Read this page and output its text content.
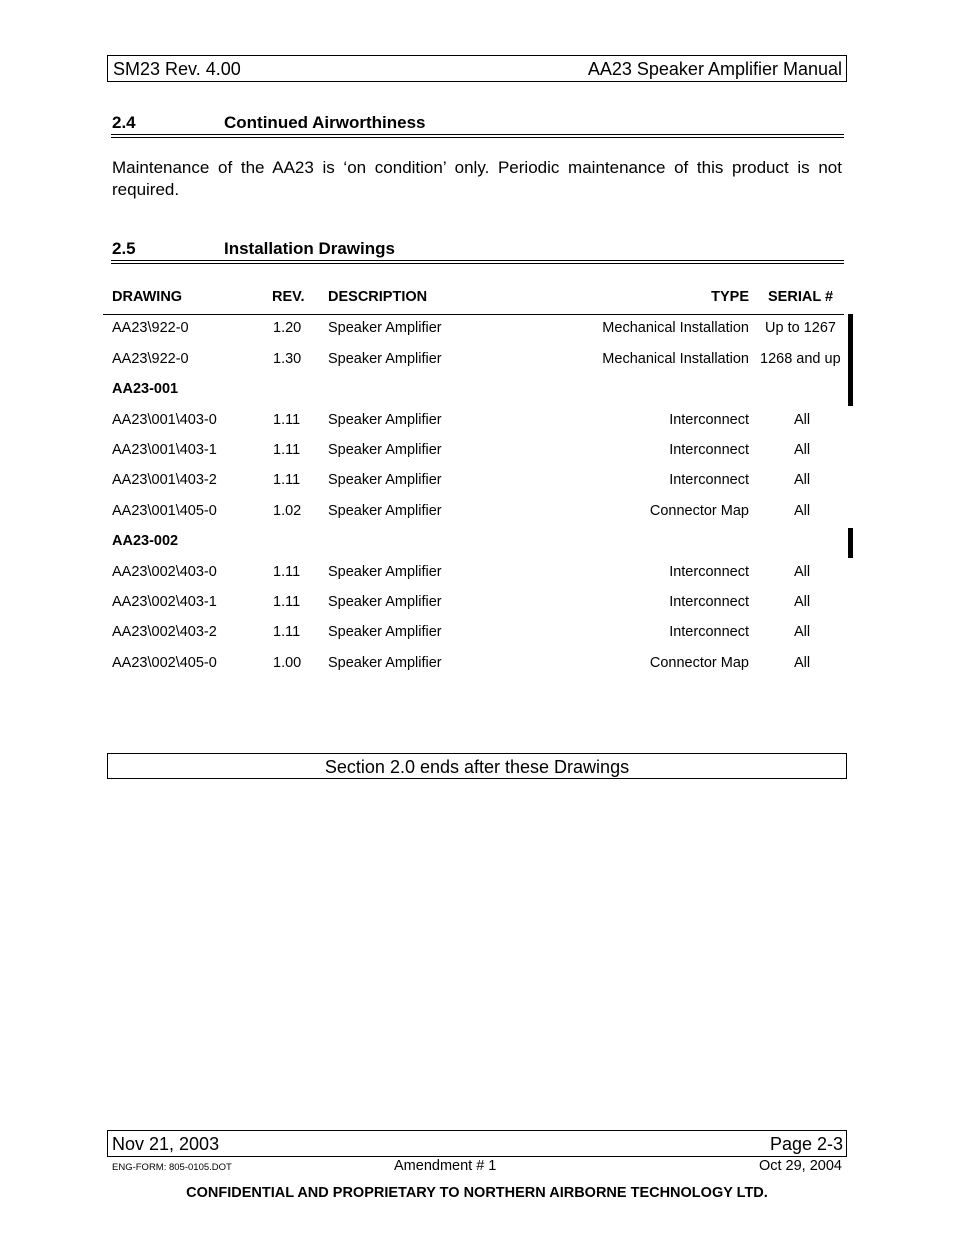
SM23 Rev. 4.00	AA23 Speaker Amplifier Manual
2.4	Continued Airworthiness
Maintenance of the AA23 is ‘on condition’ only. Periodic maintenance of this product is not required.
2.5	Installation Drawings
DRAWING	REV. DESCRIPTION	TYPE SERIAL #
AA23\922-0	1.20 Speaker Amplifier	Mechanical Installation Up to 1267
AA23\922-0	1.30 Speaker Amplifier	Mechanical Installation 1268 and up
AA23-001
AA23\001\403-0	1.11 Speaker Amplifier	Interconnect	All
AA23\001\403-1	1.11 Speaker Amplifier	Interconnect	All
AA23\001\403-2	1.11 Speaker Amplifier	Interconnect	All
AA23\001\405-0	1.02 Speaker Amplifier	Connector Map	All
AA23-002
AA23\002\403-0	1.11 Speaker Amplifier	Interconnect	All
AA23\002\403-1	1.11 Speaker Amplifier	Interconnect	All
AA23\002\403-2	1.11 Speaker Amplifier	Interconnect	All
AA23\002\405-0	1.00 Speaker Amplifier	Connector Map	All
Section 2.0 ends after these Drawings
Nov 21, 2003	Page 2-3
ENG-FORM: 805-0105.DOT	Amendment # 1	Oct 29, 2004
CONFIDENTIAL AND PROPRIETARY TO NORTHERN AIRBORNE TECHNOLOGY LTD.
